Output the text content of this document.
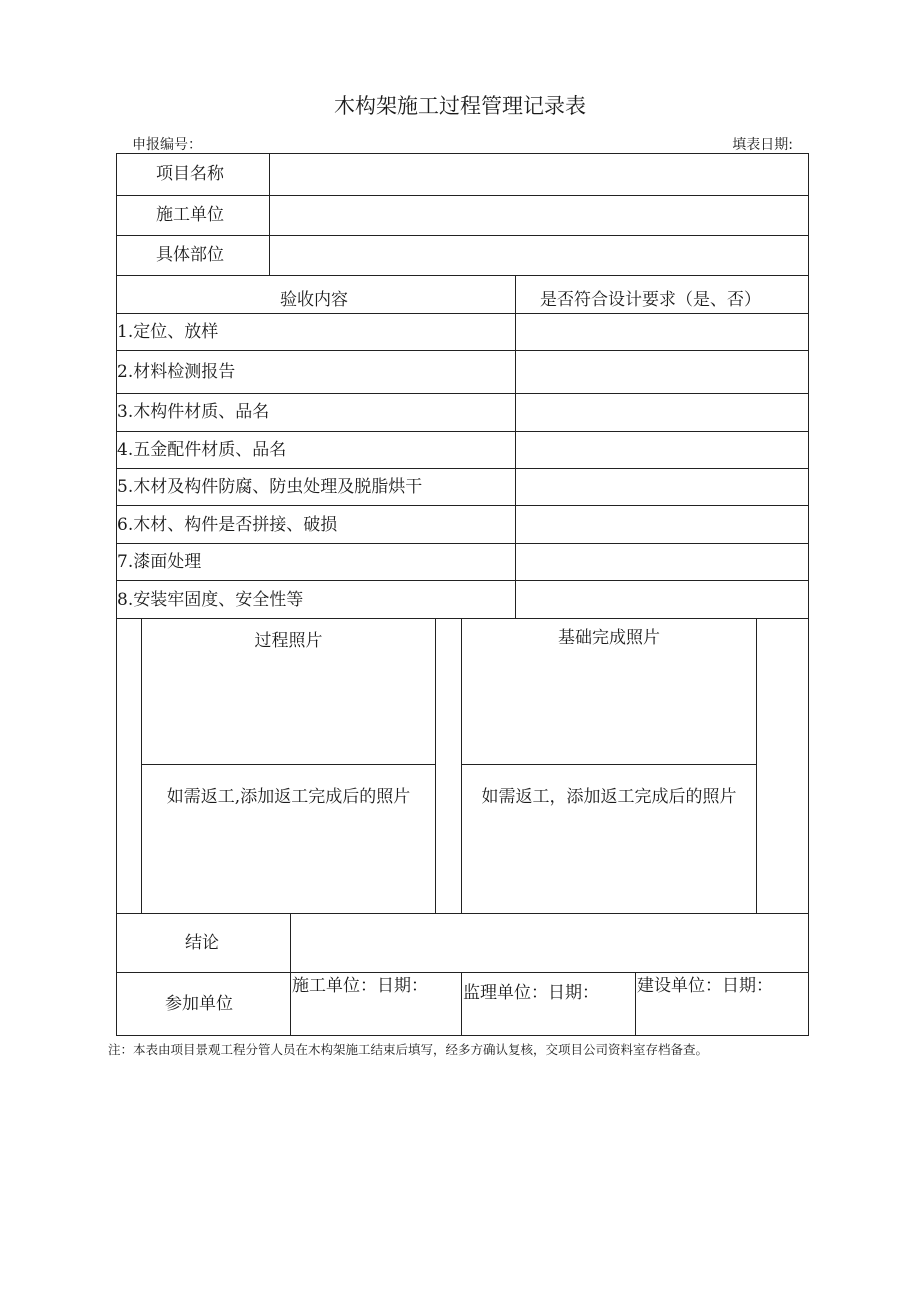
木构架施工过程管理记录表
申报编号：	填表日期:
项目名称
施工单位
具体部位
验收内容	是否符合设计要求（是、否）
1.定位、放样
2.材料检测报告
3.木构件材质、品名
4.五金配件材质、品名
5.木材及构件防腐、防虫处理及脱脂烘干
6.木材、构件是否拼接、破损
7.漆面处理
8.安装牢固度、安全性等
过程照片	基础完成照片
如需返工,添加返工完成后的照片	如需返工，添加返工完成后的照片
结论
参加单位
施工单位：日期： 监理单位：日期： 建设单位：日期：
注：本表由项目景观工程分管人员在木构架施工结束后填写，经多方确认复核，交项目公司资料室存档备查。
